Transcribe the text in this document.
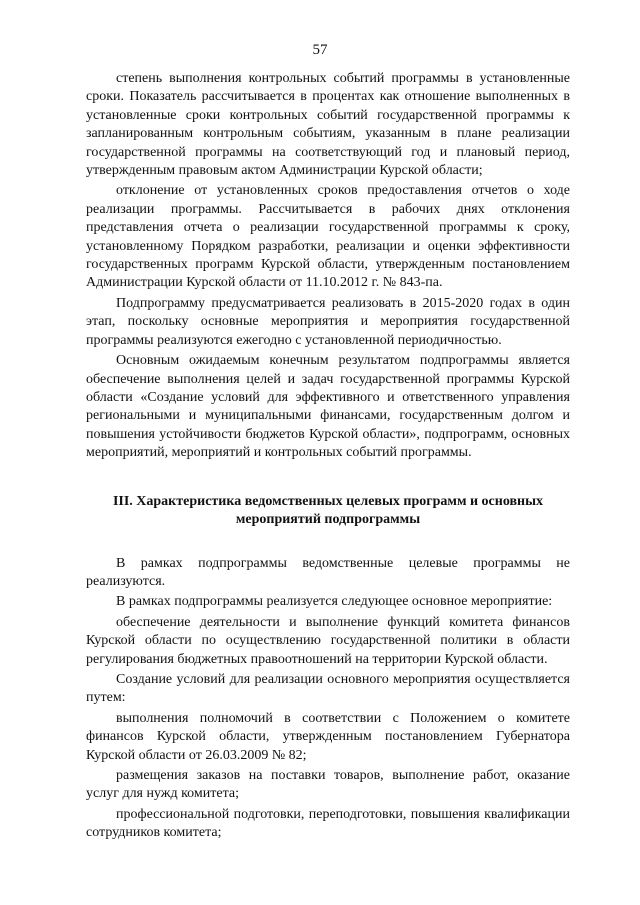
57

степень выполнения контрольных событий программы в установленные сроки. Показатель рассчитывается в процентах как отношение выполненных в установленные сроки контрольных событий государственной программы к запланированным контрольным событиям, указанным в плане реализации государственной программы на соответствующий год и плановый период, утвержденным правовым актом Администрации Курской области;

отклонение от установленных сроков предоставления отчетов о ходе реализации программы. Рассчитывается в рабочих днях отклонения представления отчета о реализации государственной программы к сроку, установленному Порядком разработки, реализации и оценки эффективности государственных программ Курской области, утвержденным постановлением Администрации Курской области от 11.10.2012 г. № 843-па.

Подпрограмму предусматривается реализовать в 2015-2020 годах в один этап, поскольку основные мероприятия и мероприятия государственной программы реализуются ежегодно с установленной периодичностью.

Основным ожидаемым конечным результатом подпрограммы является обеспечение выполнения целей и задач государственной программы Курской области «Создание условий для эффективного и ответственного управления региональными и муниципальными финансами, государственным долгом и повышения устойчивости бюджетов Курской области», подпрограмм, основных мероприятий, мероприятий и контрольных событий программы.

III. Характеристика ведомственных целевых программ и основных
мероприятий подпрограммы

В рамках подпрограммы ведомственные целевые программы не реализуются.

В рамках подпрограммы реализуется следующее основное мероприятие:

обеспечение деятельности и выполнение функций комитета финансов Курской области по осуществлению государственной политики в области регулирования бюджетных правоотношений на территории Курской области.

Создание условий для реализации основного мероприятия осуществляется путем:

выполнения полномочий в соответствии с Положением о комитете финансов Курской области, утвержденным постановлением Губернатора Курской области от 26.03.2009 № 82;

размещения заказов на поставки товаров, выполнение работ, оказание услуг для нужд комитета;

профессиональной подготовки, переподготовки, повышения квалификации сотрудников комитета;
